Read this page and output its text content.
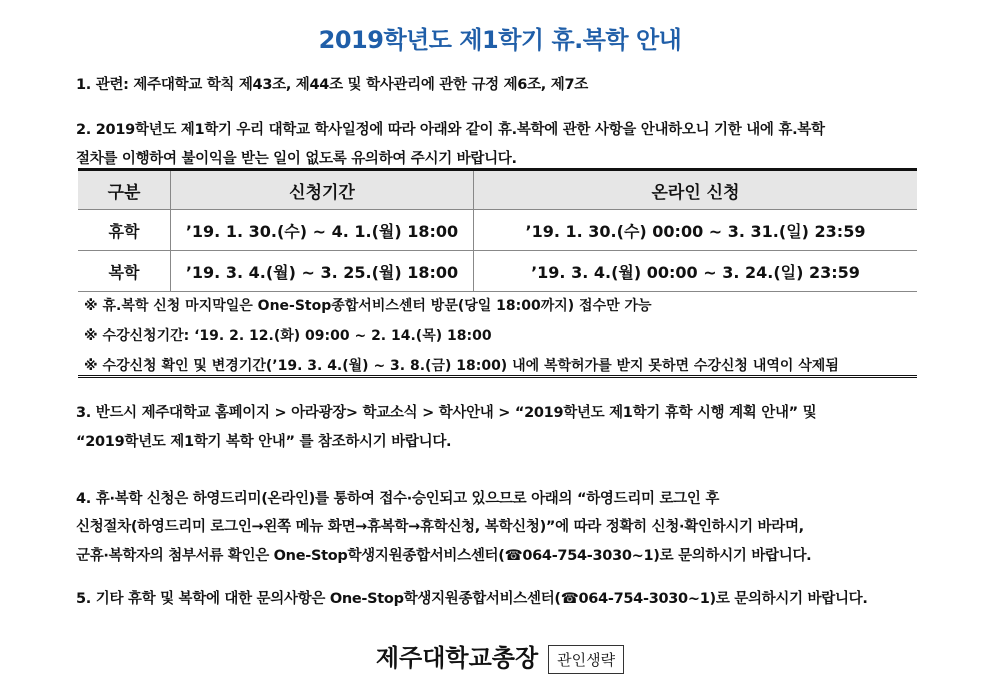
2019학년도 제1학기 휴.복학 안내
1. 관련: 제주대학교 학칙 제43조, 제44조 및 학사관리에 관한 규정 제6조, 제7조
2. 2019학년도 제1학기 우리 대학교 학사일정에 따라 아래와 같이 휴.복학에 관한 사항을 안내하오니 기한 내에 휴.복학
절차를 이행하여 불이익을 받는 일이 없도록 유의하여 주시기 바랍니다.
구분	신청기간	온라인 신청
휴학	’19. 1. 30.(수) ~ 4. 1.(월) 18:00	’19. 1. 30.(수) 00:00 ~ 3. 31.(일) 23:59
복학	’19. 3. 4.(월) ~ 3. 25.(월) 18:00	’19. 3. 4.(월) 00:00 ~ 3. 24.(일) 23:59
※ 휴.복학 신청 마지막일은 One-Stop종합서비스센터 방문(당일 18:00까지) 접수만 가능
※ 수강신청기간: ‘19. 2. 12.(화) 09:00 ~ 2. 14.(목) 18:00
※ 수강신청 확인 및 변경기간(’19. 3. 4.(월) ~ 3. 8.(금) 18:00) 내에 복학허가를 받지 못하면 수강신청 내역이 삭제됨
3. 반드시 제주대학교 홈페이지 > 아라광장> 학교소식 > 학사안내 > “2019학년도 제1학기 휴학 시행 계획 안내” 및
“2019학년도 제1학기 복학 안내” 를 참조하시기 바랍니다.
4. 휴·복학 신청은 하영드리미(온라인)를 통하여 접수·승인되고 있으므로 아래의 “하영드리미 로그인 후
신청절차(하영드리미 로그인→왼쪽 메뉴 화면→휴복학→휴학신청, 복학신청)”에 따라 정확히 신청·확인하시기 바라며,
군휴·복학자의 첨부서류 확인은 One-Stop학생지원종합서비스센터(☎064-754-3030~1)로 문의하시기 바랍니다.
5. 기타 휴학 및 복학에 대한 문의사항은 One-Stop학생지원종합서비스센터(☎064-754-3030~1)로 문의하시기 바랍니다.
제주대학교총장 관인생략
